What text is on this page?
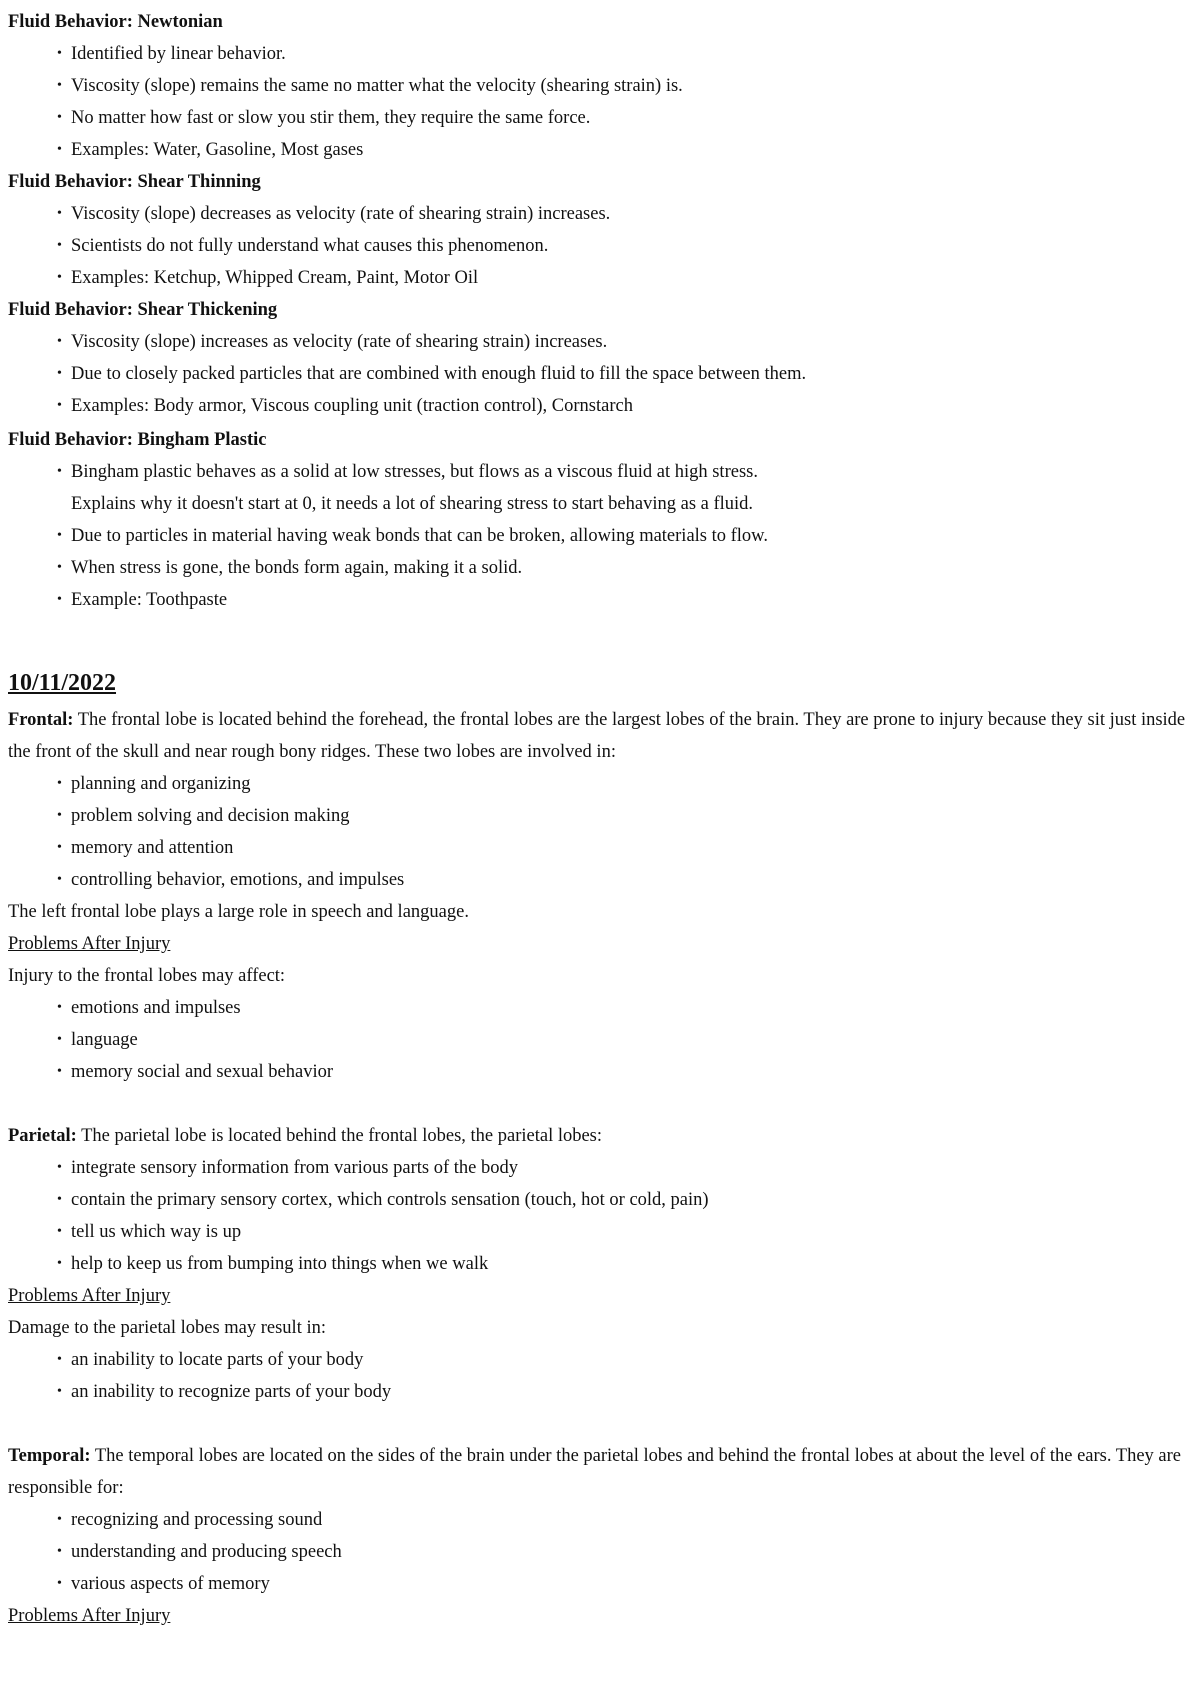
Fluid Behavior: Newtonian
• Identified by linear behavior.
• Viscosity (slope) remains the same no matter what the velocity (shearing strain) is.
• No matter how fast or slow you stir them, they require the same force.
• Examples: Water, Gasoline, Most gases
Fluid Behavior: Shear Thinning
• Viscosity (slope) decreases as velocity (rate of shearing strain) increases.
• Scientists do not fully understand what causes this phenomenon.
• Examples: Ketchup, Whipped Cream, Paint, Motor Oil
Fluid Behavior: Shear Thickening
• Viscosity (slope) increases as velocity (rate of shearing strain) increases.
• Due to closely packed particles that are combined with enough fluid to fill the space between them.
• Examples: Body armor, Viscous coupling unit (traction control), Cornstarch
Fluid Behavior: Bingham Plastic
• Bingham plastic behaves as a solid at low stresses, but flows as a viscous fluid at high stress. Explains why it doesn't start at 0, it needs a lot of shearing stress to start behaving as a fluid.
• Due to particles in material having weak bonds that can be broken, allowing materials to flow.
• When stress is gone, the bonds form again, making it a solid.
• Example: Toothpaste
10/11/2022

Frontal: The frontal lobe is located behind the forehead, the frontal lobes are the largest lobes of the brain. They are prone to injury because they sit just inside the front of the skull and near rough bony ridges. These two lobes are involved in:

• planning and organizing
• problem solving and decision making
• memory and attention
• controlling behavior, emotions, and impulses

The left frontal lobe plays a large role in speech and language.

Problems After Injury

Injury to the frontal lobes may affect:

• emotions and impulses
• language
• memory social and sexual behavior

Parietal: The parietal lobe is located behind the frontal lobes, the parietal lobes:

• integrate sensory information from various parts of the body
• contain the primary sensory cortex, which controls sensation (touch, hot or cold, pain)
• tell us which way is up
• help to keep us from bumping into things when we walk

Problems After Injury

Damage to the parietal lobes may result in:

• an inability to locate parts of your body
• an inability to recognize parts of your body

Temporal: The temporal lobes are located on the sides of the brain under the parietal lobes and behind the frontal lobes at about the level of the ears. They are responsible for:

• recognizing and processing sound
• understanding and producing speech
• various aspects of memory

Problems After Injury
